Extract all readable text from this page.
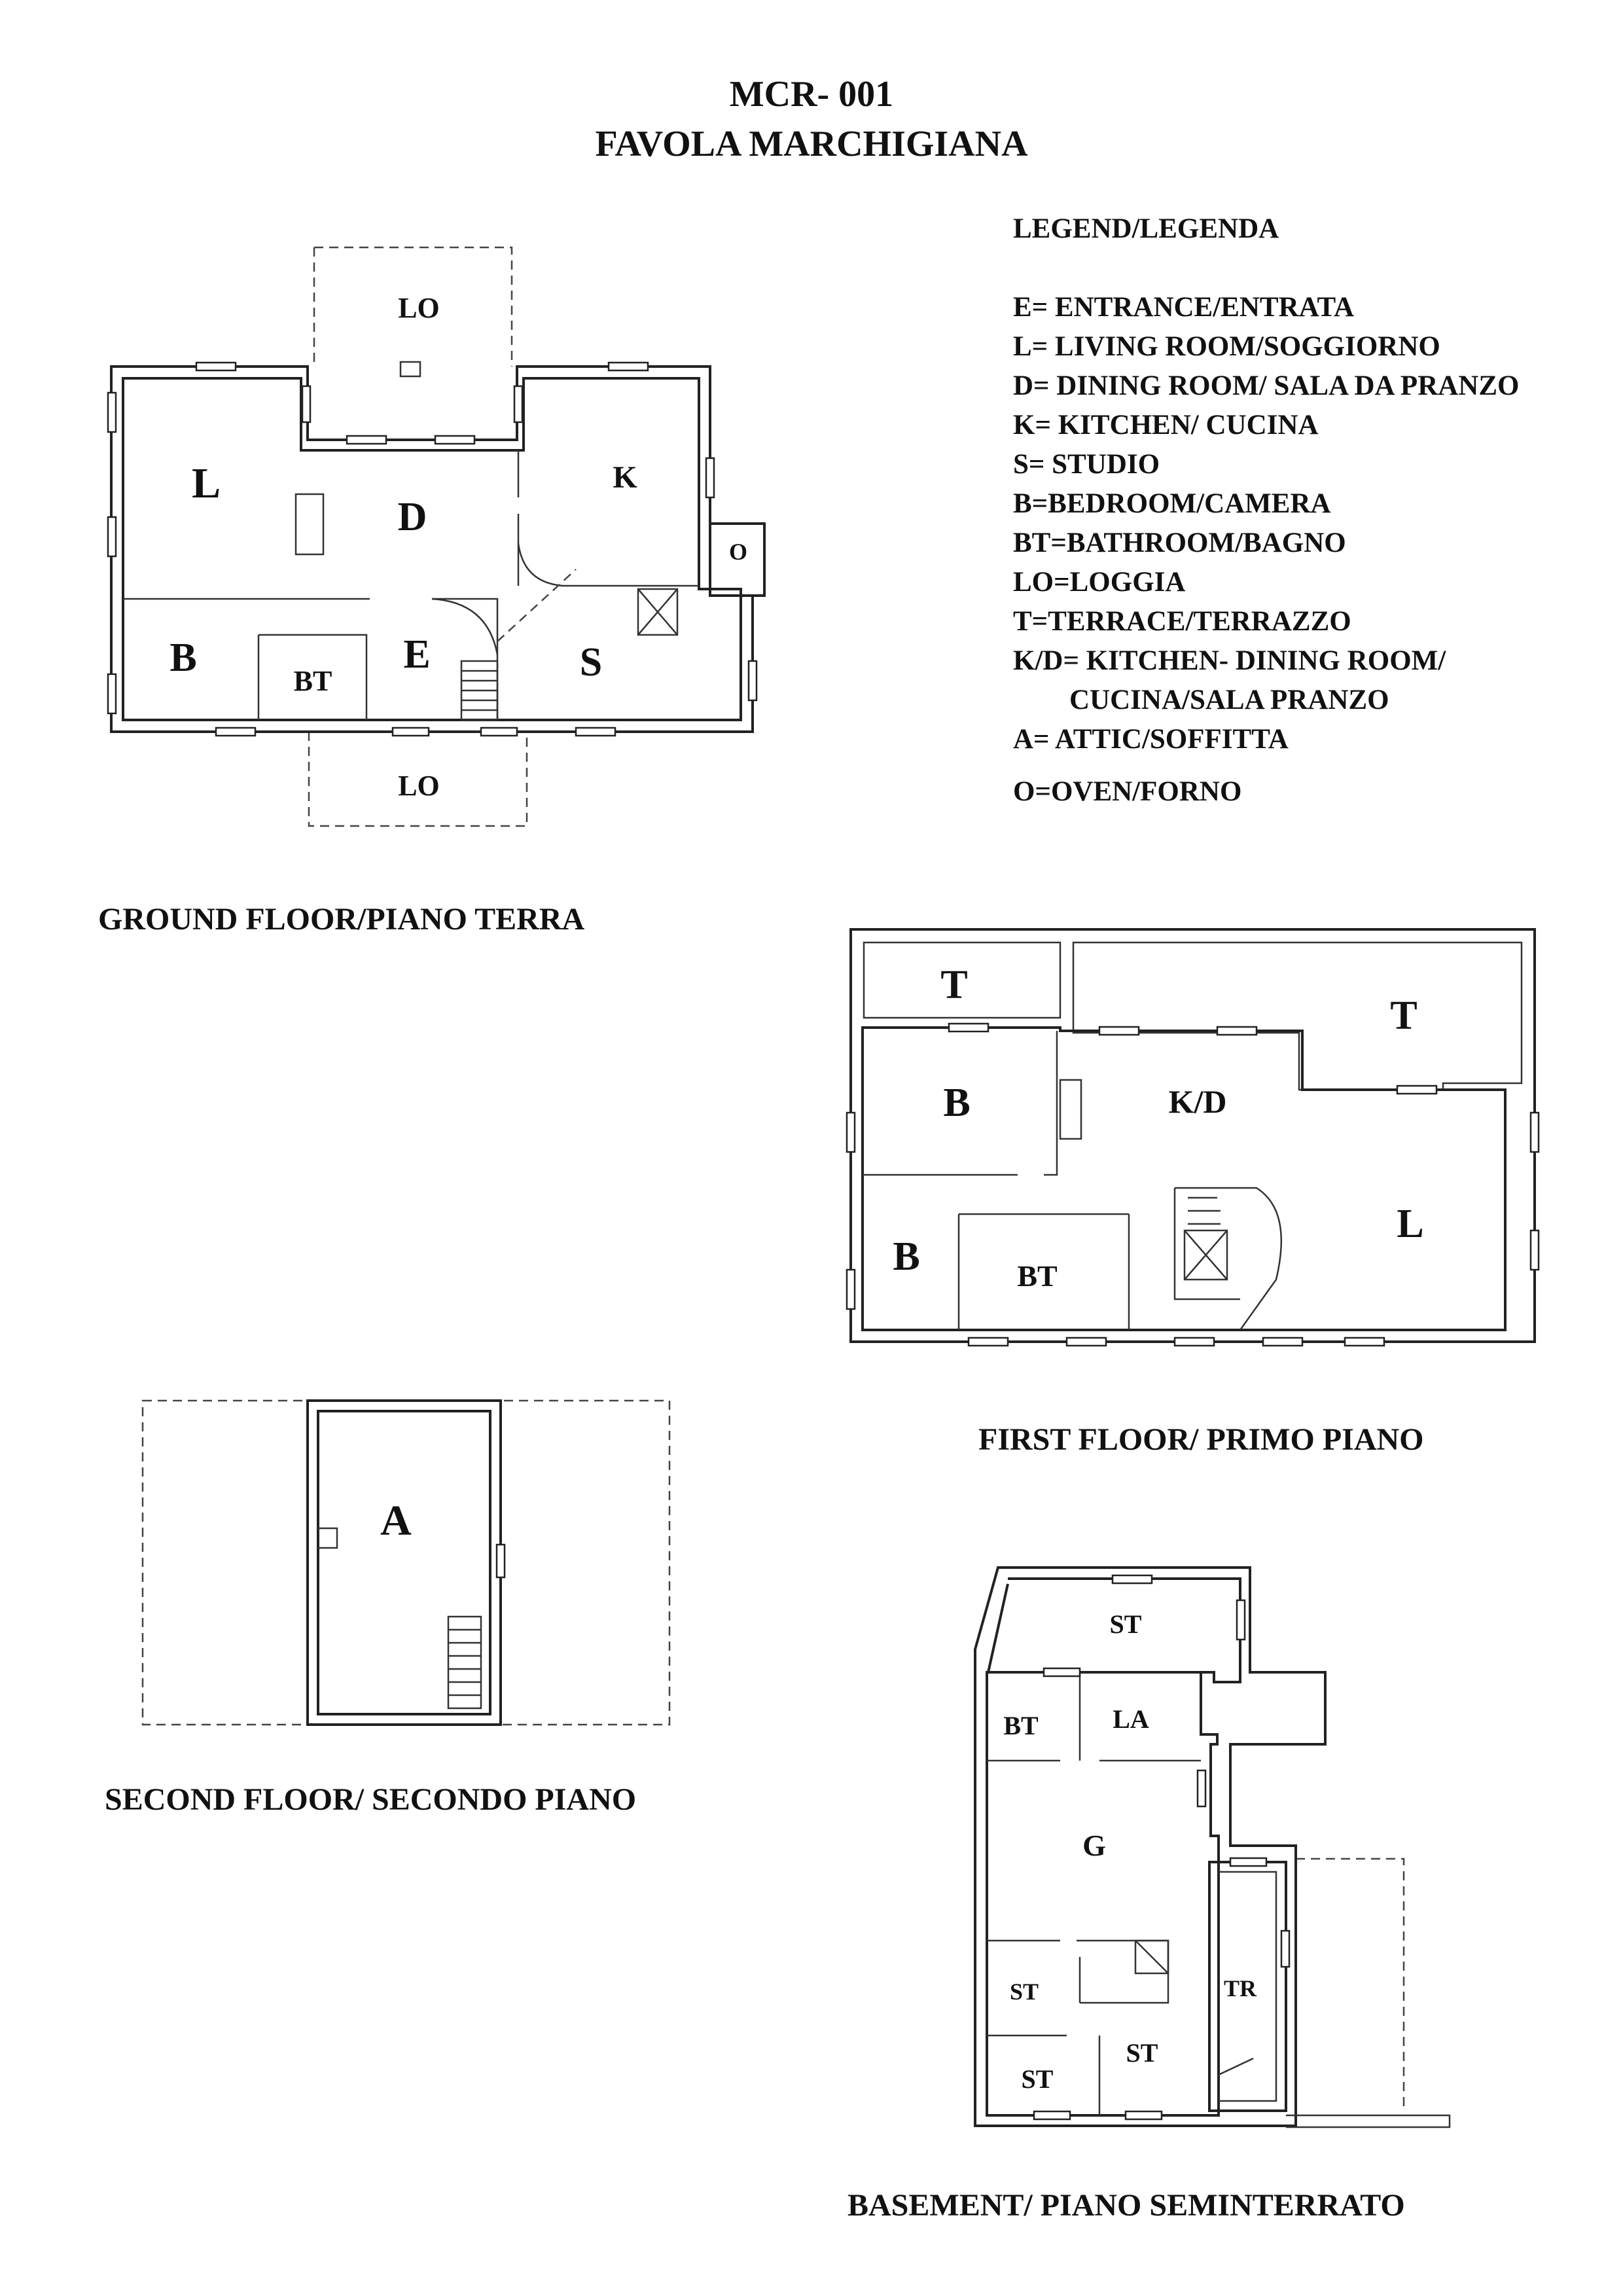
MCR- 001
FAVOLA MARCHIGIANA
LEGEND/LEGENDA
E= ENTRANCE/ENTRATA
L= LIVING ROOM/SOGGIORNO
D= DINING ROOM/ SALA DA PRANZO
K= KITCHEN/ CUCINA
S= STUDIO
B=BEDROOM/CAMERA
BT=BATHROOM/BAGNO
LO=LOGGIA
T=TERRACE/TERRAZZO
K/D= KITCHEN- DINING ROOM/
CUCINA/SALA PRANZO
A= ATTIC/SOFFITTA
O=OVEN/FORNO
LO
L
D
K
O
B
BT
E	S
LO
GROUND FLOOR/PIANO TERRA
T
T
B	K/D
B	BT
L
FIRST FLOOR/ PRIMO PIANO
A
SECOND FLOOR/ SECONDO PIANO
ST
BT	LA
G
ST	TR
ST
ST
BASEMENT/ PIANO SEMINTERRATO
